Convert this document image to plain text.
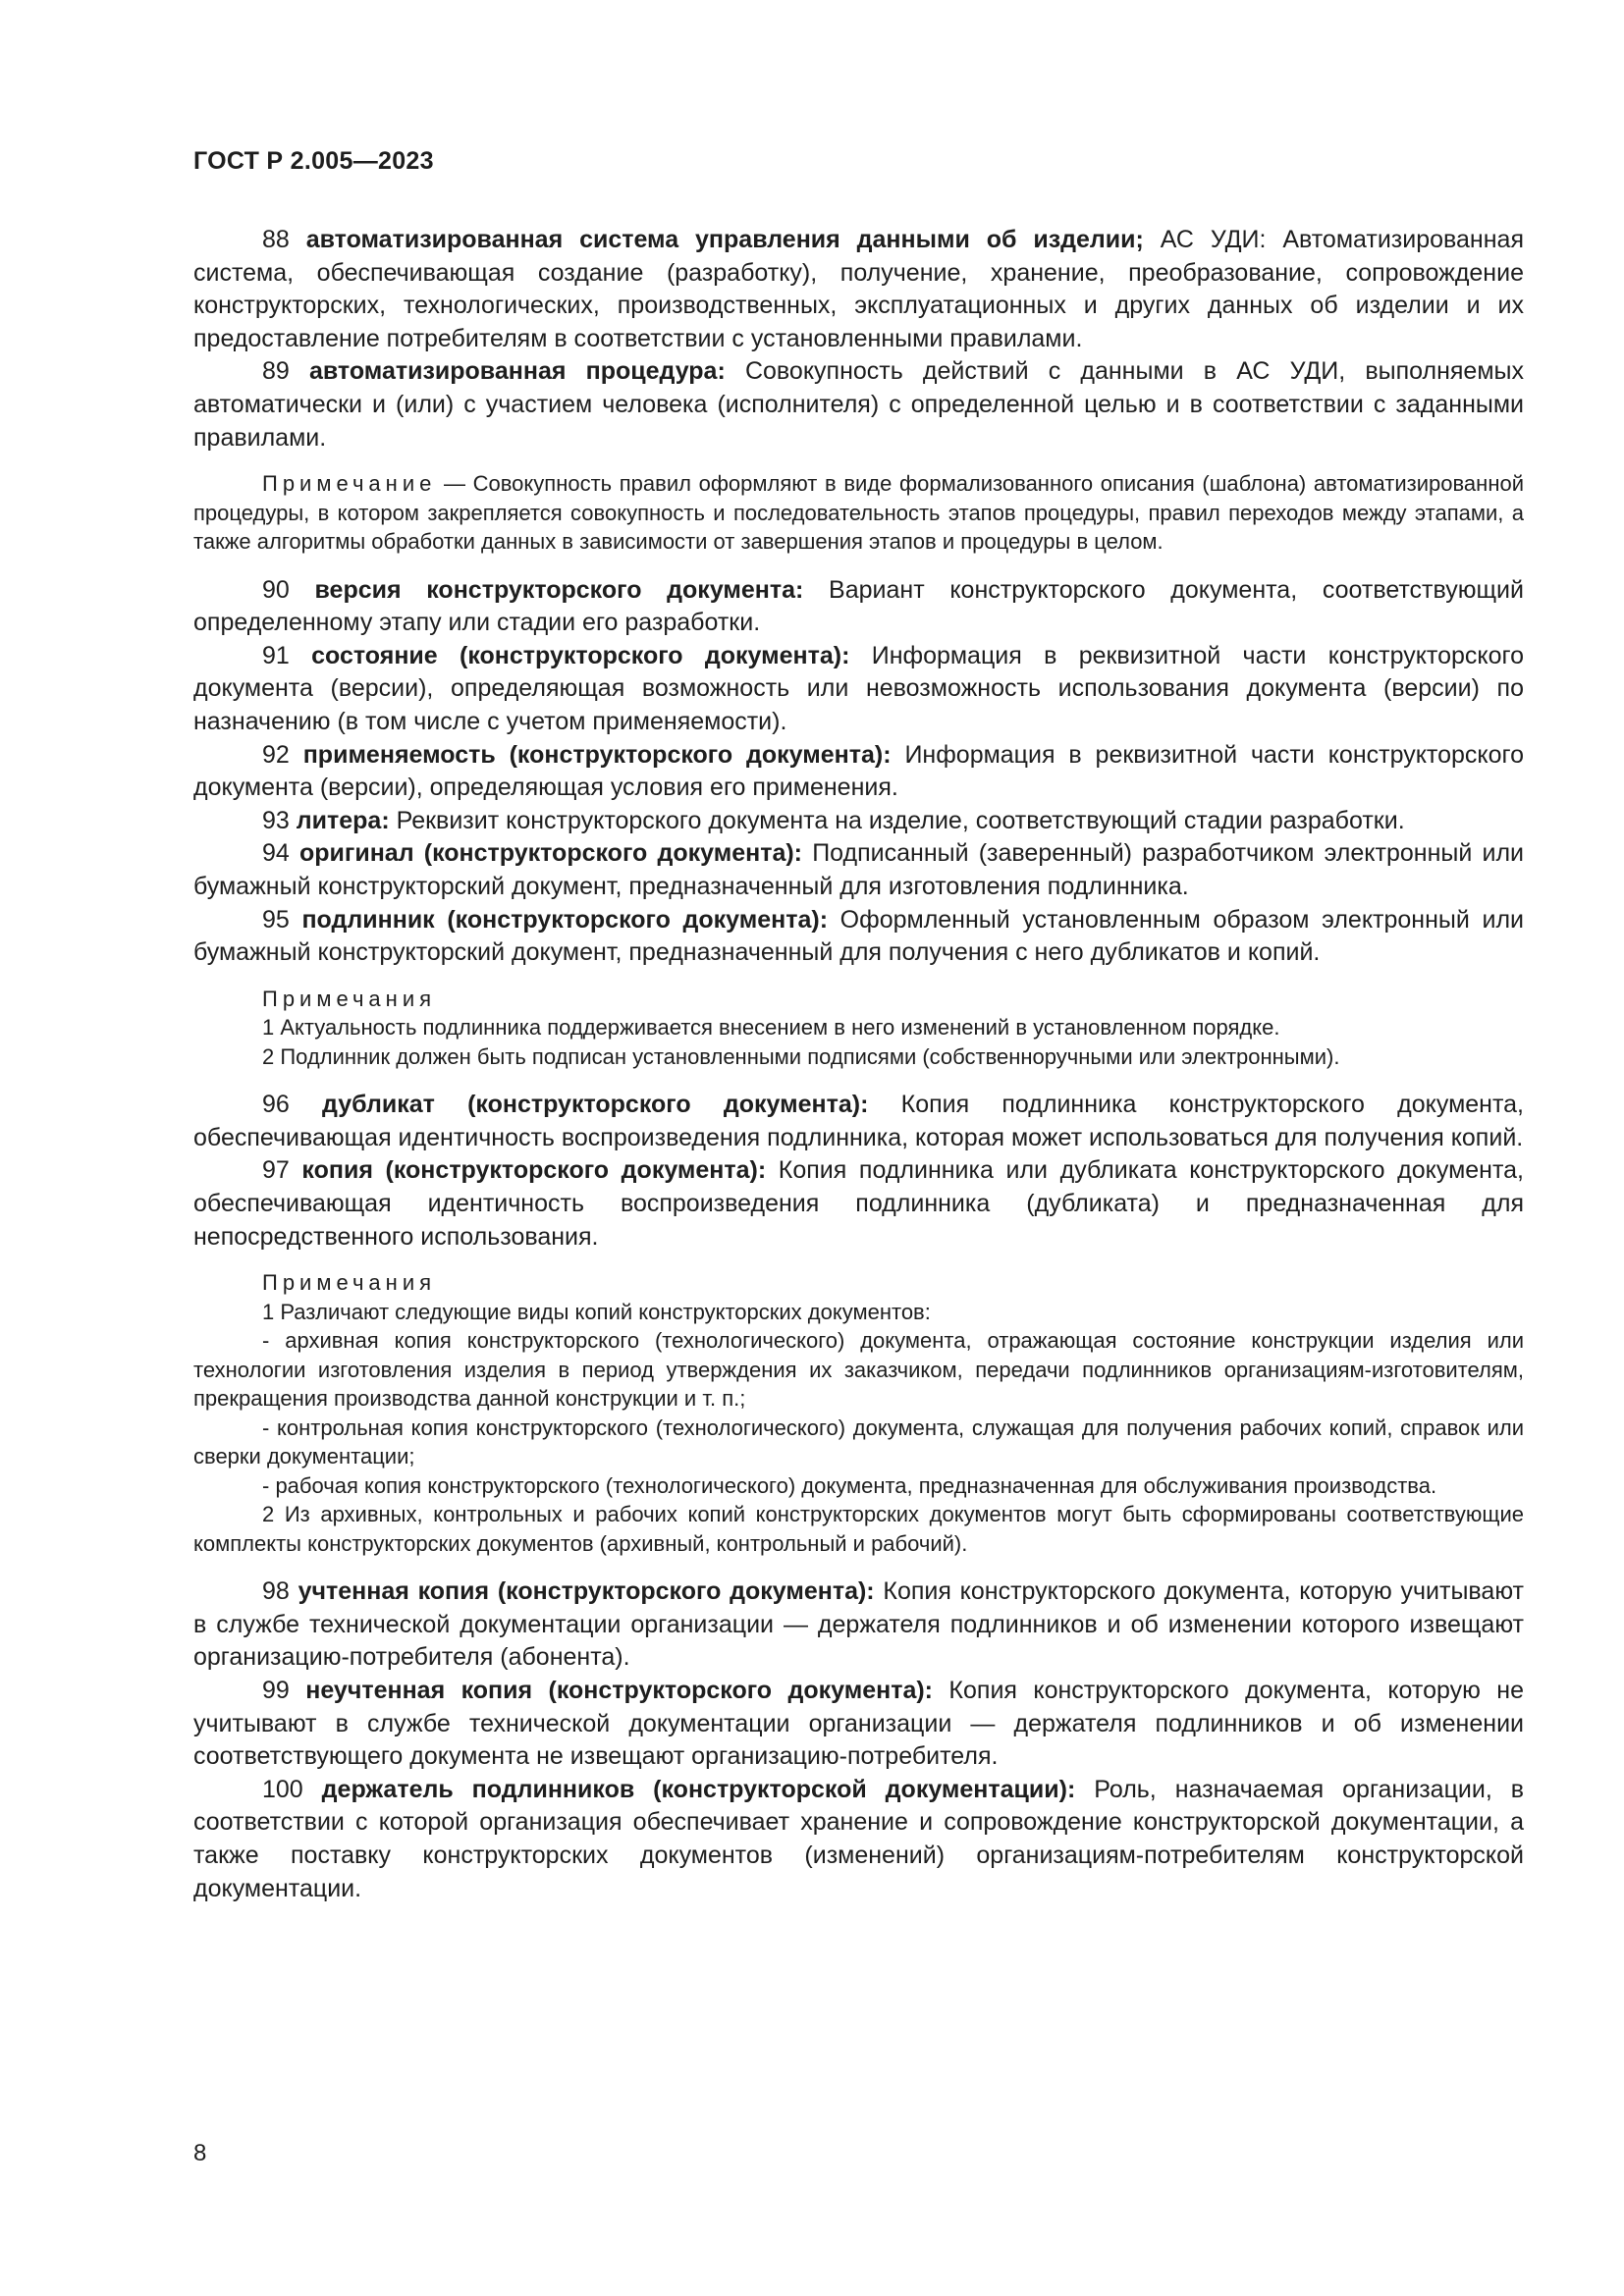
ГОСТ Р 2.005—2023

88 автоматизированная система управления данными об изделии; АС УДИ: Автоматизированная система, обеспечивающая создание (разработку), получение, хранение, преобразование, сопровождение конструкторских, технологических, производственных, эксплуатационных и других данных об изделии и их предоставление потребителям в соответствии с установленными правилами.

89 автоматизированная процедура: Совокупность действий с данными в АС УДИ, выполняемых автоматически и (или) с участием человека (исполнителя) с определенной целью и в соответствии с заданными правилами.

Примечание — Совокупность правил оформляют в виде формализованного описания (шаблона) автоматизированной процедуры, в котором закрепляется совокупность и последовательность этапов процедуры, правил переходов между этапами, а также алгоритмы обработки данных в зависимости от завершения этапов и процедуры в целом.

90 версия конструкторского документа: Вариант конструкторского документа, соответствующий определенному этапу или стадии его разработки.

91 состояние (конструкторского документа): Информация в реквизитной части конструкторского документа (версии), определяющая возможность или невозможность использования документа (версии) по назначению (в том числе с учетом применяемости).

92 применяемость (конструкторского документа): Информация в реквизитной части конструкторского документа (версии), определяющая условия его применения.

93 литера: Реквизит конструкторского документа на изделие, соответствующий стадии разработки.

94 оригинал (конструкторского документа): Подписанный (заверенный) разработчиком электронный или бумажный конструкторский документ, предназначенный для изготовления подлинника.

95 подлинник (конструкторского документа): Оформленный установленным образом электронный или бумажный конструкторский документ, предназначенный для получения с него дубликатов и копий.

Примечания

1 Актуальность подлинника поддерживается внесением в него изменений в установленном порядке.

2 Подлинник должен быть подписан установленными подписями (собственноручными или электронными).

96 дубликат (конструкторского документа): Копия подлинника конструкторского документа, обеспечивающая идентичность воспроизведения подлинника, которая может использоваться для получения копий.

97 копия (конструкторского документа): Копия подлинника или дубликата конструкторского документа, обеспечивающая идентичность воспроизведения подлинника (дубликата) и предназначенная для непосредственного использования.

Примечания

1 Различают следующие виды копий конструкторских документов:

- архивная копия конструкторского (технологического) документа, отражающая состояние конструкции изделия или технологии изготовления изделия в период утверждения их заказчиком, передачи подлинников организациям-изготовителям, прекращения производства данной конструкции и т. п.;

- контрольная копия конструкторского (технологического) документа, служащая для получения рабочих копий, справок или сверки документации;

- рабочая копия конструкторского (технологического) документа, предназначенная для обслуживания производства.

2 Из архивных, контрольных и рабочих копий конструкторских документов могут быть сформированы соответствующие комплекты конструкторских документов (архивный, контрольный и рабочий).

98 учтенная копия (конструкторского документа): Копия конструкторского документа, которую учитывают в службе технической документации организации — держателя подлинников и об изменении которого извещают организацию-потребителя (абонента).

99 неучтенная копия (конструкторского документа): Копия конструкторского документа, которую не учитывают в службе технической документации организации — держателя подлинников и об изменении соответствующего документа не извещают организацию-потребителя.

100 держатель подлинников (конструкторской документации): Роль, назначаемая организации, в соответствии с которой организация обеспечивает хранение и сопровождение конструкторской документации, а также поставку конструкторских документов (изменений) организациям-потребителям конструкторской документации.

8
